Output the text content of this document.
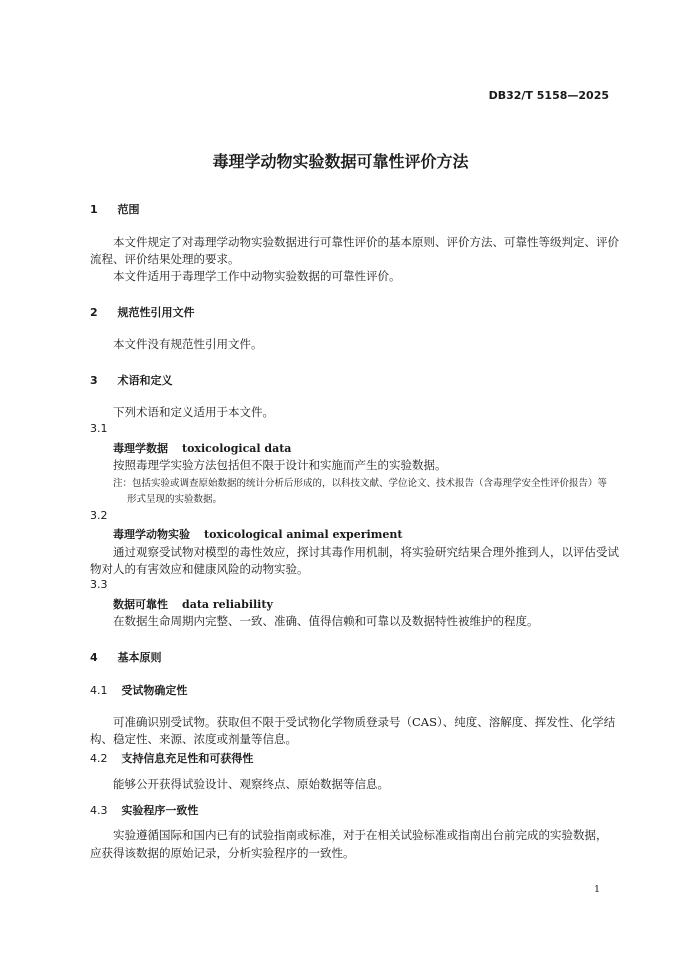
DB32/T 5158—2025
毒理学动物实验数据可靠性评价方法
1 范围
本文件规定了对毒理学动物实验数据进行可靠性评价的基本原则、评价方法、可靠性等级判定、评价
流程、评价结果处理的要求。
本文件适用于毒理学工作中动物实验数据的可靠性评价。
2 规范性引用文件
本文件没有规范性引用文件。
3 术语和定义
下列术语和定义适用于本文件。
3.1
毒理学数据 toxicological data
按照毒理学实验方法包括但不限于设计和实施而产生的实验数据。
注：包括实验或调查原始数据的统计分析后形成的，以科技文献、学位论文、技术报告（含毒理学安全性评价报告）等
形式呈现的实验数据。
3.2
毒理学动物实验 toxicological animal experiment
通过观察受试物对模型的毒性效应，探讨其毒作用机制，将实验研究结果合理外推到人，以评估受试
物对人的有害效应和健康风险的动物实验。
3.3
数据可靠性 data reliability
在数据生命周期内完整、一致、准确、值得信赖和可靠以及数据特性被维护的程度。
4 基本原则
4.1 受试物确定性
可准确识别受试物。获取但不限于受试物化学物质登录号（CAS）、纯度、溶解度、挥发性、化学结
构、稳定性、来源、浓度或剂量等信息。
4.2 支持信息充足性和可获得性
能够公开获得试验设计、观察终点、原始数据等信息。
4.3 实验程序一致性
实验遵循国际和国内已有的试验指南或标准，对于在相关试验标准或指南出台前完成的实验数据，
应获得该数据的原始记录，分析实验程序的一致性。
1
